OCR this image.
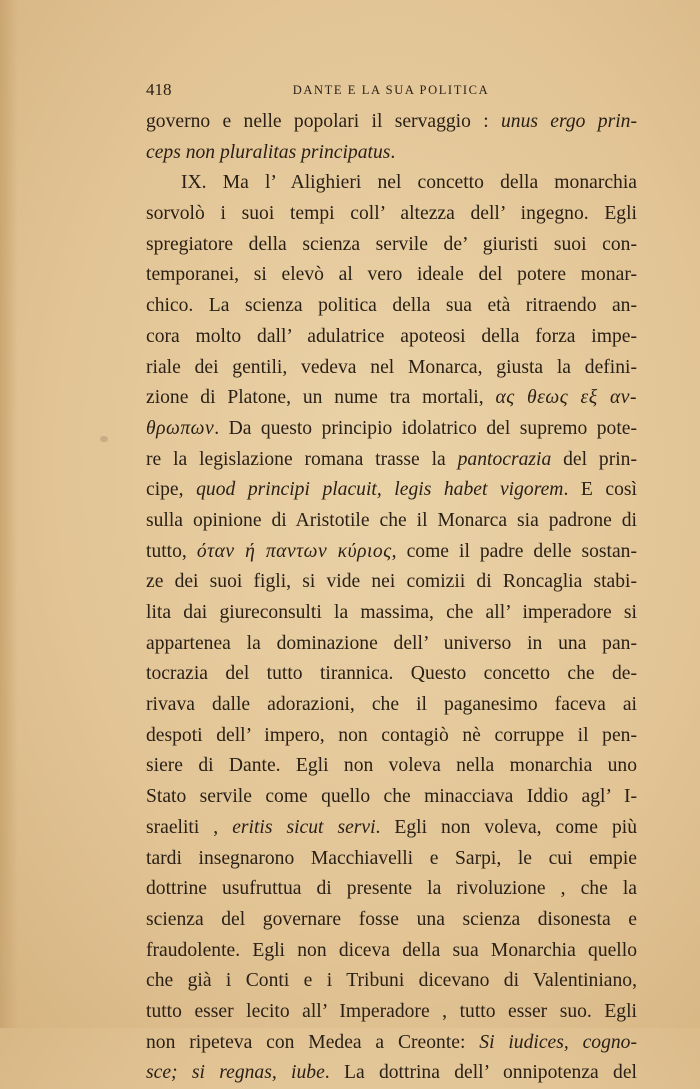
418	DANTE E LA SUA POLITICA
governo e nelle popolari il servaggio : unus ergo prin-
ceps non pluralitas principatus.
IX. Ma l’ Alighieri nel concetto della monarchia
sorvolò i suoi tempi coll’ altezza dell’ ingegno. Egli
spregiatore della scienza servile de’ giuristi suoi con-
temporanei, si elevò al vero ideale del potere monar-
chico. La scienza politica della sua età ritraendo an-
cora molto dall’ adulatrice apoteosi della forza impe-
riale dei gentili, vedeva nel Monarca, giusta la defini-
zione di Platone, un nume tra mortali, ας θεως εξ αν-
θρωπων. Da questo principio idolatrico del supremo pote-
re la legislazione romana trasse la pantocrazia del prin-
cipe, quod principi placuit, legis habet vigorem. E così
sulla opinione di Aristotile che il Monarca sia padrone di
tutto, όταν ή παντων κύριος, come il padre delle sostan-
ze dei suoi figli, si vide nei comizii di Roncaglia stabi-
lita dai giureconsulti la massima, che all’ imperadore si
appartenea la dominazione dell’ universo in una pan-
tocrazia del tutto tirannica. Questo concetto che de-
rivava dalle adorazioni, che il paganesimo faceva ai
despoti dell’ impero, non contagiò nè corruppe il pen-
siere di Dante. Egli non voleva nella monarchia uno
Stato servile come quello che minacciava Iddio agl’ I-
sraeliti , eritis sicut servi. Egli non voleva, come più
tardi insegnarono Macchiavelli e Sarpi, le cui empie
dottrine usufruttua di presente la rivoluzione , che la
scienza del governare fosse una scienza disonesta e
fraudolente. Egli non diceva della sua Monarchia quello
che già i Conti e i Tribuni dicevano di Valentiniano,
tutto esser lecito all’ Imperadore , tutto esser suo. Egli
non ripeteva con Medea a Creonte: Si iudices, cogno-
sce; si regnas, iube. La dottrina dell’ onnipotenza del
